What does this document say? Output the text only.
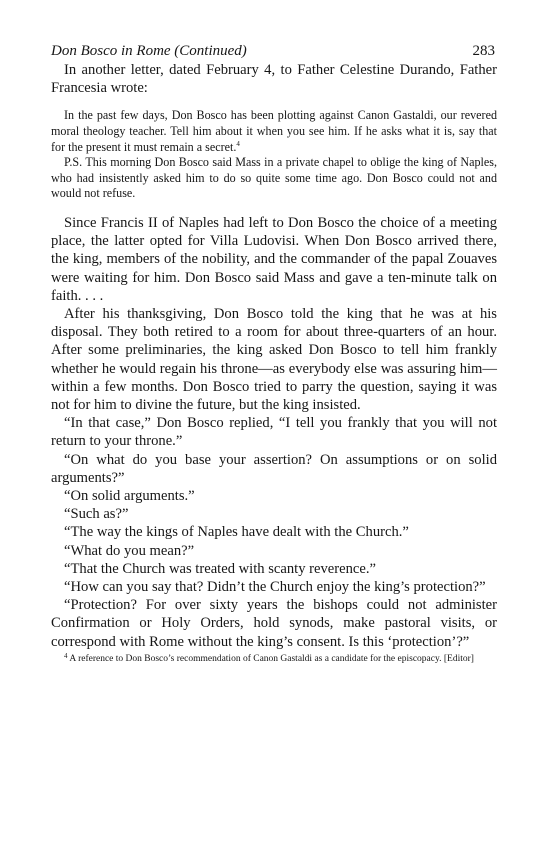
Don Bosco in Rome (Continued)	283

In another letter, dated February 4, to Father Celestine Durando, Father Francesia wrote:

In the past few days, Don Bosco has been plotting against Canon Gastaldi, our revered moral theology teacher. Tell him about it when you see him. If he asks what it is, say that for the present it must remain a secret.$^4$

P.S. This morning Don Bosco said Mass in a private chapel to oblige the king of Naples, who had insistently asked him to do so quite some time ago. Don Bosco could not and would not refuse.

Since Francis II of Naples had left to Don Bosco the choice of a meeting place, the latter opted for Villa Ludovisi. When Don Bosco arrived there, the king, members of the nobility, and the commander of the papal Zouaves were waiting for him. Don Bosco said Mass and gave a ten-minute talk on faith. . . .

After his thanksgiving, Don Bosco told the king that he was at his disposal. They both retired to a room for about three-quarters of an hour. After some preliminaries, the king asked Don Bosco to tell him frankly whether he would regain his throne—as everybody else was assuring him—within a few months. Don Bosco tried to parry the question, saying it was not for him to divine the future, but the king insisted.

“In that case,” Don Bosco replied, “I tell you frankly that you will not return to your throne.”

“On what do you base your assertion? On assumptions or on solid arguments?”

“On solid arguments.”

“Such as?”

“The way the kings of Naples have dealt with the Church.”

“What do you mean?”

“That the Church was treated with scanty reverence.”

“How can you say that? Didn’t the Church enjoy the king’s protection?”

“Protection? For over sixty years the bishops could not administer Confirmation or Holy Orders, hold synods, make pastoral visits, or correspond with Rome without the king’s consent. Is this ‘protection’?”

$^4$ A reference to Don Bosco’s recommendation of Canon Gastaldi as a candidate for the episcopacy. [Editor]
